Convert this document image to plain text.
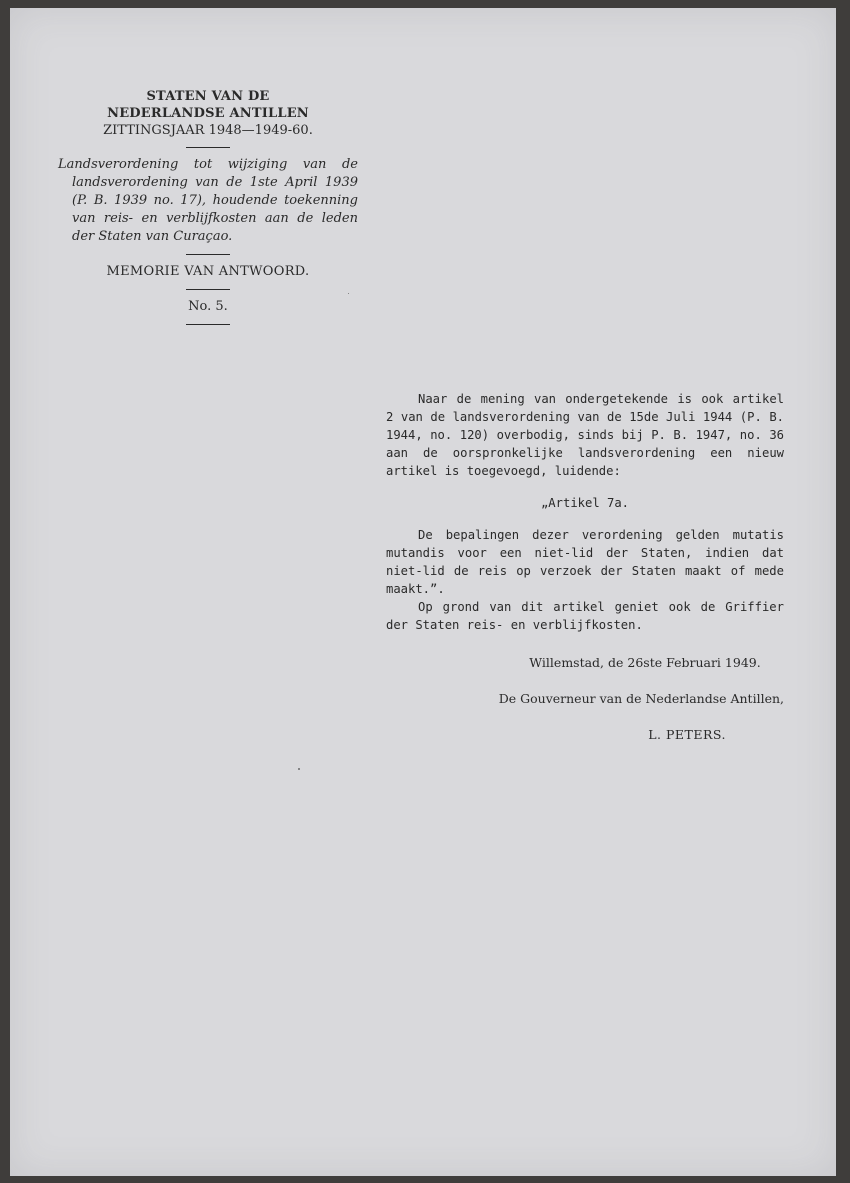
STATEN VAN DE

NEDERLANDSE ANTILLEN

ZITTINGSJAAR 1948—1949-60.

Landsverordening tot wijziging van de landsverordening van de 1ste April 1939 (P. B. 1939 no. 17), houdende toekenning van reis- en verblijfkosten aan de leden der Staten van Curaçao.

MEMORIE VAN ANTWOORD.

No. 5.

Naar de mening van ondergetekende is ook artikel 2 van de landsverordening van de 15de Juli 1944 (P. B. 1944, no. 120) overbodig, sinds bij P. B. 1947, no. 36 aan de oorspronkelijke landsverordening een nieuw artikel is toegevoegd, luidende:

„Artikel 7a.

De bepalingen dezer verordening gelden mutatis mutandis voor een niet-lid der Staten, indien dat niet-lid de reis op verzoek der Staten maakt of mede maakt.”.

Op grond van dit artikel geniet ook de Griffier der Staten reis- en verblijfkosten.

Willemstad, de 26ste Februari 1949.

De Gouverneur van de Nederlandse Antillen,

L. PETERS.
